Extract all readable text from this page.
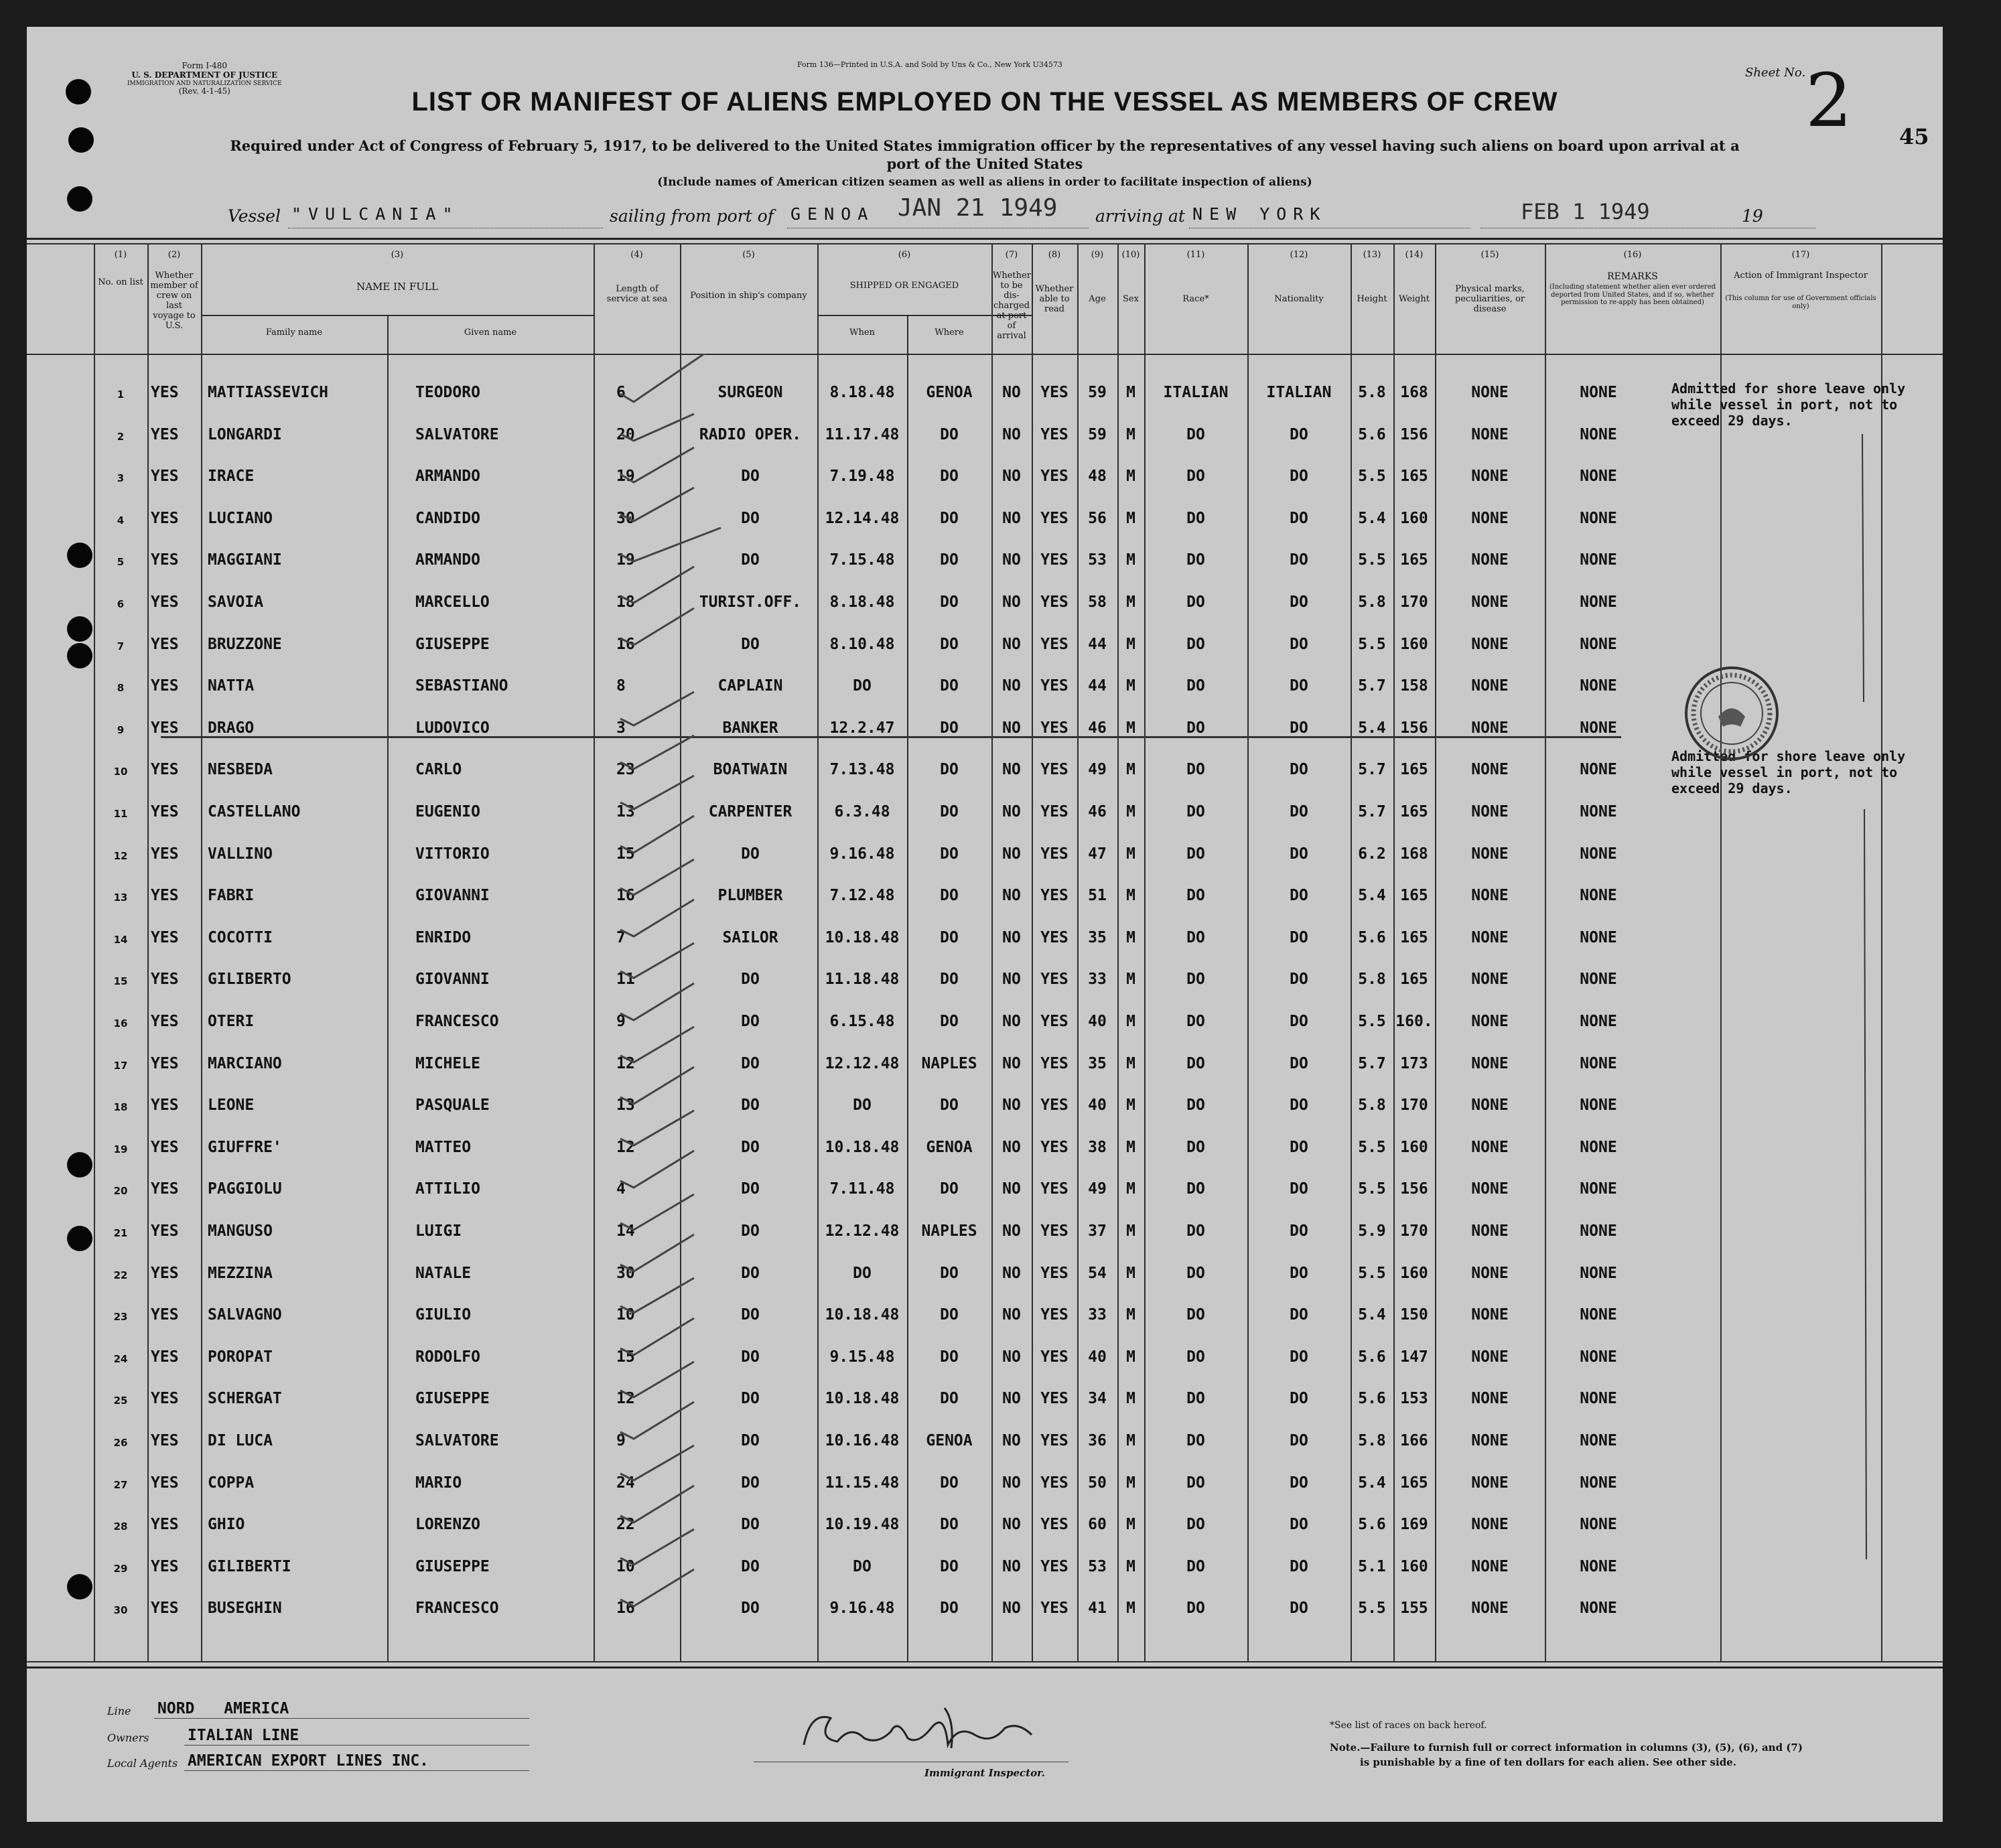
Form I-480
U. S. DEPARTMENT OF JUSTICE
IMMIGRATION AND NATURALIZATION SERVICE
(Rev. 4-1-45)
Form 136—Printed in U.S.A. and Sold by Uns & Co., New York U34573
Sheet No. 2 45
LIST OR MANIFEST OF ALIENS EMPLOYED ON THE VESSEL AS MEMBERS OF CREW
Required under Act of Congress of February 5, 1917, to be delivered to the United States immigration officer by the representatives of any vessel having such aliens on board upon arrival at a
port of the United States
(Include names of American citizen seamen as well as aliens in order to facilitate inspection of aliens)
Vessel "VULCANIA"	sailing from port of GENOA JAN 21 1949 arriving at NEW YORK	FEB 1 1949	19
(1)	(2)	(3)	(4)	(5)	(6)	(7)	(8)	(9)	(10)	(11)	(12)	(13)	(14)	(15)	(16)	(17)
No. on list
Whether member of crew on last voyage to U.S.
NAME IN FULL
Family name	Given name
Length of service at sea	Position in ship's company
SHIPPED OR ENGAGED
When	Where
Whether to be dis-charged at port of arrival
Whether able to read
Age	Sex	Race*	Nationality	Height	Weight
Physical marks, peculiarities, or disease
REMARKS
(Including statement whether alien ever ordered deported from United States, and if so, whether permission to re-apply has been obtained)
Action of Immigrant Inspector
(This column for use of Government officials only)
1	YES MATTIASSEVICH	TEODORO	6	SURGEON	8.18.48	GENOA	NO	YES	59	M	ITALIAN	ITALIAN	5.8 168	NONE	NONE
2	YES LONGARDI	SALVATORE	20	RADIO OPER.	11.17.48	DO	NO	YES	59	M	DO	DO	5.6 156	NONE	NONE
3	YES IRACE	ARMANDO	19	DO	7.19.48	DO	NO	YES	48	M	DO	DO	5.5 165	NONE	NONE
4	YES LUCIANO	CANDIDO	30	DO	12.14.48	DO	NO	YES	56	M	DO	DO	5.4 160	NONE	NONE
5	YES MAGGIANI	ARMANDO	19	DO	7.15.48	DO	NO	YES	53	M	DO	DO	5.5 165	NONE	NONE
6	YES SAVOIA	MARCELLO	18	TURIST.OFF.	8.18.48	DO	NO	YES	58	M	DO	DO	5.8 170	NONE	NONE
7	YES BRUZZONE	GIUSEPPE	16	DO	8.10.48	DO	NO	YES	44	M	DO	DO	5.5 160	NONE	NONE
8	YES NATTA	SEBASTIANO	8	CAPLAIN	DO	DO	NO	YES	44	M	DO	DO	5.7 158	NONE	NONE
9	YES DRAGO	LUDOVICO	3	BANKER	12.2.47	DO	NO	YES	46	M	DO	DO	5.4 156	NONE	NONE
10	YES NESBEDA	CARLO	23	BOATWAIN	7.13.48	DO	NO	YES	49	M	DO	DO	5.7 165	NONE	NONE
11	YES CASTELLANO	EUGENIO	13	CARPENTER	6.3.48	DO	NO	YES	46	M	DO	DO	5.7 165	NONE	NONE
12	YES VALLINO	VITTORIO	15	DO	9.16.48	DO	NO	YES	47	M	DO	DO	6.2 168	NONE	NONE
13	YES FABRI	GIOVANNI	16	PLUMBER	7.12.48	DO	NO	YES	51	M	DO	DO	5.4 165	NONE	NONE
14	YES COCOTTI	ENRIDO	7	SAILOR	10.18.48	DO	NO	YES	35	M	DO	DO	5.6 165	NONE	NONE
15	YES GILIBERTO	GIOVANNI	11	DO	11.18.48	DO	NO	YES	33	M	DO	DO	5.8 165	NONE	NONE
16	YES OTERI	FRANCESCO	9	DO	6.15.48	DO	NO	YES	40	M	DO	DO	5.5 160.	NONE	NONE
17	YES MARCIANO	MICHELE	12	DO	12.12.48	NAPLES	NO	YES	35	M	DO	DO	5.7 173	NONE	NONE
18	YES LEONE	PASQUALE	13	DO	DO	DO	NO	YES	40	M	DO	DO	5.8 170	NONE	NONE
19	YES GIUFFRE'	MATTEO	12	DO	10.18.48	GENOA	NO	YES	38	M	DO	DO	5.5 160	NONE	NONE
20	YES PAGGIOLU	ATTILIO	4	DO	7.11.48	DO	NO	YES	49	M	DO	DO	5.5 156	NONE	NONE
21	YES MANGUSO	LUIGI	14	DO	12.12.48	NAPLES	NO	YES	37	M	DO	DO	5.9 170	NONE	NONE
22	YES MEZZINA	NATALE	30	DO	DO	DO	NO	YES	54	M	DO	DO	5.5 160	NONE	NONE
23	YES SALVAGNO	GIULIO	10	DO	10.18.48	DO	NO	YES	33	M	DO	DO	5.4 150	NONE	NONE
24	YES POROPAT	RODOLFO	15	DO	9.15.48	DO	NO	YES	40	M	DO	DO	5.6 147	NONE	NONE
25	YES SCHERGAT	GIUSEPPE	12	DO	10.18.48	DO	NO	YES	34	M	DO	DO	5.6 153	NONE	NONE
26	YES DI LUCA	SALVATORE	9	DO	10.16.48	GENOA	NO	YES	36	M	DO	DO	5.8 166	NONE	NONE
27	YES COPPA	MARIO	24	DO	11.15.48	DO	NO	YES	50	M	DO	DO	5.4 165	NONE	NONE
28	YES GHIO	LORENZO	22	DO	10.19.48	DO	NO	YES	60	M	DO	DO	5.6 169	NONE	NONE
29	YES GILIBERTI	GIUSEPPE	10	DO	DO	DO	NO	YES	53	M	DO	DO	5.1 160	NONE	NONE
30	YES BUSEGHIN	FRANCESCO	16	DO	9.16.48	DO	NO	YES	41	M	DO	DO	5.5 155	NONE	NONE
Admitted for shore leave only
while vessel in port, not to
exceed 29 days.
Admitted for shore leave only
while vessel in port, not to
exceed 29 days.
Line NORD AMERICA
Owners	ITALIAN LINE
Local Agents AMERICAN EXPORT LINES INC.
Immigrant Inspector.
*See list of races on back hereof.
Note.—Failure to furnish full or correct information in columns (3), (5), (6), and (7)
is punishable by a fine of ten dollars for each alien. See other side.
